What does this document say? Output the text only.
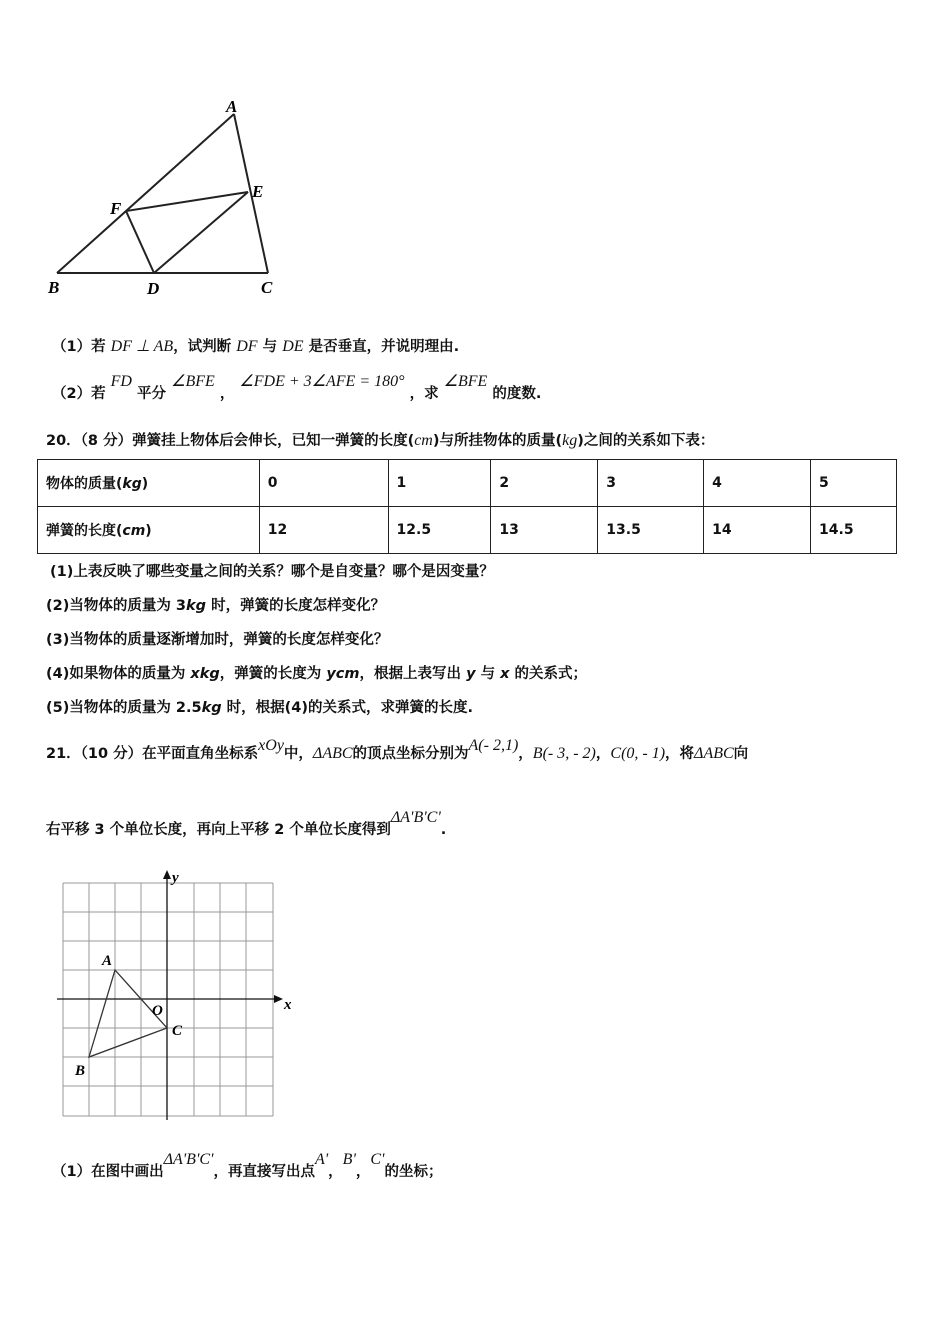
A
B	C
D
E
F
（1）若 DF ⊥ AB，试判断 DF 与 DE 是否垂直，并说明理由.
（2）若 FD 平分 ∠BFE ， ∠FDE + 3∠AFE = 180° ，求 ∠BFE 的度数.
20．（8 分）弹簧挂上物体后会伸长，已知一弹簧的长度(cm)与所挂物体的质量(kg)之间的关系如下表：
物体的质量(kg)	0	1	2	3	4	5
弹簧的长度(cm)	12	12.5	13	13.5	14	14.5
(1)上表反映了哪些变量之间的关系？哪个是自变量？哪个是因变量？
(2)当物体的质量为 3kg 时，弹簧的长度怎样变化？
(3)当物体的质量逐渐增加时，弹簧的长度怎样变化？
(4)如果物体的质量为 xkg，弹簧的长度为 ycm，根据上表写出 y 与 x 的关系式；
(5)当物体的质量为 2.5kg 时，根据(4)的关系式，求弹簧的长度.
21．（10 分）在平面直角坐标系xOy中，ΔABC的顶点坐标分别为A(- 2,1)，B(- 3, - 2)，C(0, - 1)，将ΔABC向
右平移 3 个单位长度，再向上平移 2 个单位长度得到ΔA'B'C'.
x
y
O
A
B
C
（1）在图中画出ΔA'B'C'，再直接写出点A'，B'，C'的坐标；
